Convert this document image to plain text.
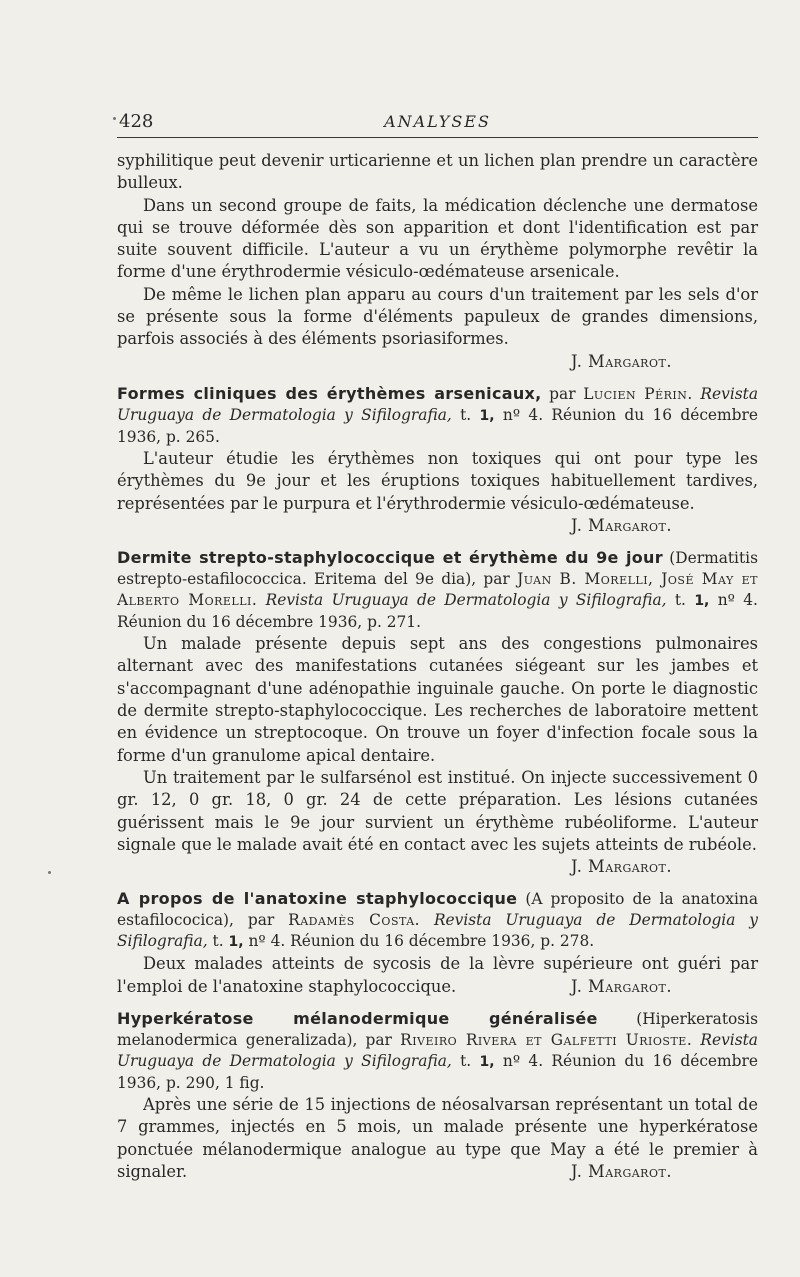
428	ANALYSES

syphilitique peut devenir urticarienne et un lichen plan prendre un caractère bulleux.

Dans un second groupe de faits, la médication déclenche une dermatose qui se trouve déformée dès son apparition et dont l'identification est par suite souvent difficile. L'auteur a vu un érythème polymorphe revêtir la forme d'une érythrodermie vésiculo-œdémateuse arsenicale.

De même le lichen plan apparu au cours d'un traitement par les sels d'or se présente sous la forme d'éléments papuleux de grandes dimensions, parfois associés à des éléments psoriasiformes.

J. Margarot.

Formes cliniques des érythèmes arsenicaux, par Lucien Périn. Revista Uruguaya de Dermatologia y Sifilografia, t. 1, nº 4. Réunion du 16 décembre 1936, p. 265.

L'auteur étudie les érythèmes non toxiques qui ont pour type les érythèmes du 9e jour et les éruptions toxiques habituellement tardives, représentées par le purpura et l'érythrodermie vésiculo-œdémateuse.

J. Margarot.

Dermite strepto-staphylococcique et érythème du 9e jour (Dermatitis estrepto-estafilococcica. Eritema del 9e dia), par Juan B. Morelli, José May et Alberto Morelli. Revista Uruguaya de Dermatologia y Sifilografia, t. 1, nº 4. Réunion du 16 décembre 1936, p. 271.

Un malade présente depuis sept ans des congestions pulmonaires alternant avec des manifestations cutanées siégeant sur les jambes et s'accompagnant d'une adénopathie inguinale gauche. On porte le diagnostic de dermite strepto-staphylococcique. Les recherches de laboratoire mettent en évidence un streptocoque. On trouve un foyer d'infection focale sous la forme d'un granulome apical dentaire.

Un traitement par le sulfarsénol est institué. On injecte successivement 0 gr. 12, 0 gr. 18, 0 gr. 24 de cette préparation. Les lésions cutanées guérissent mais le 9e jour survient un érythème rubéoliforme. L'auteur signale que le malade avait été en contact avec les sujets atteints de rubéole.

J. Margarot.

A propos de l'anatoxine staphylococcique (A proposito de la anatoxina estafilococica), par Radamès Costa. Revista Uruguaya de Dermatologia y Sifilografia, t. 1, nº 4. Réunion du 16 décembre 1936, p. 278.

Deux malades atteints de sycosis de la lèvre supérieure ont guéri par l'emploi de l'anatoxine staphylococcique.	J. Margarot.

Hyperkératose mélanodermique généralisée (Hiperkeratosis melanodermica generalizada), par Riveiro Rivera et Galfetti Urioste. Revista Uruguaya de Dermatologia y Sifilografia, t. 1, nº 4. Réunion du 16 décembre 1936, p. 290, 1 fig.

Après une série de 15 injections de néosalvarsan représentant un total de 7 grammes, injectés en 5 mois, un malade présente une hyperkératose ponctuée mélanodermique analogue au type que May a été le premier à signaler.	J. Margarot.
